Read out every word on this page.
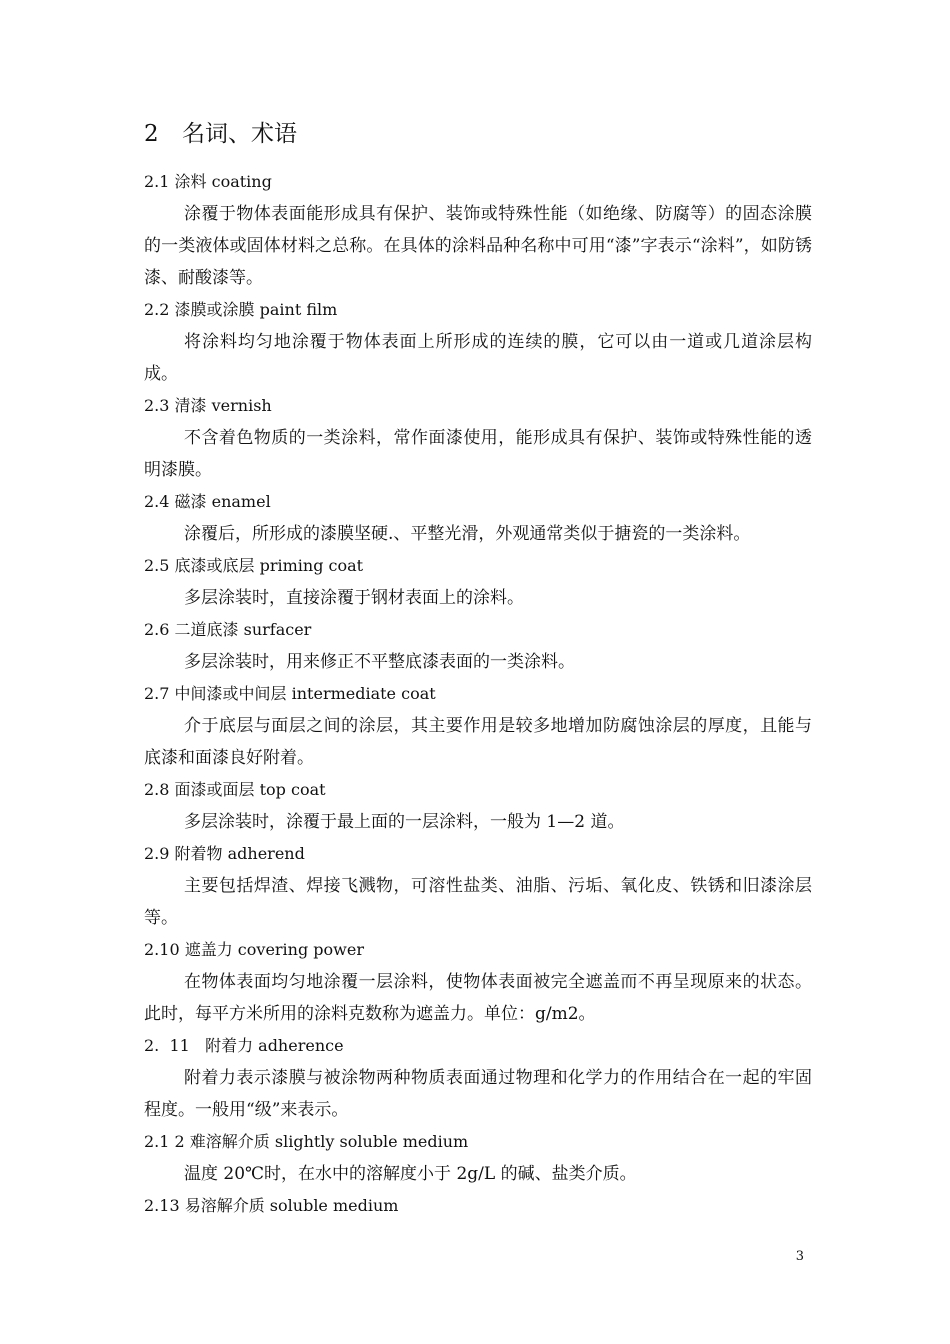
2 名词、术语
2.1 涂料 coating

涂覆于物体表面能形成具有保护、装饰或特殊性能（如绝缘、防腐等）的固态涂膜的一类液体或固体材料之总称。在具体的涂料品种名称中可用“漆”字表示“涂料”，如防锈漆、耐酸漆等。

2.2 漆膜或涂膜 paint film

将涂料均匀地涂覆于物体表面上所形成的连续的膜，它可以由一道或几道涂层构成。

2.3 清漆 vernish

不含着色物质的一类涂料，常作面漆使用，能形成具有保护、装饰或特殊性能的透明漆膜。

2.4 磁漆 enamel

涂覆后，所形成的漆膜坚硬.、平整光滑，外观通常类似于搪瓷的一类涂料。

2.5 底漆或底层 priming coat

多层涂装时，直接涂覆于钢材表面上的涂料。

2.6 二道底漆 surfacer

多层涂装时，用来修正不平整底漆表面的一类涂料。

2.7 中间漆或中间层 intermediate coat

介于底层与面层之间的涂层，其主要作用是较多地增加防腐蚀涂层的厚度，且能与底漆和面漆良好附着。

2.8 面漆或面层 top coat

多层涂装时，涂覆于最上面的一层涂料，一般为 1—2 道。

2.9 附着物 adherend

主要包括焊渣、焊接飞溅物，可溶性盐类、油脂、污垢、氧化皮、铁锈和旧漆涂层等。

2.10 遮盖力 covering power

在物体表面均匀地涂覆一层涂料，使物体表面被完全遮盖而不再呈现原来的状态。此时，每平方米所用的涂料克数称为遮盖力。单位：g/m2。

2.  11   附着力 adherence

附着力表示漆膜与被涂物两种物质表面通过物理和化学力的作用结合在一起的牢固程度。一般用“级”来表示。

2.1 2 难溶解介质 slightly soluble medium

温度 20℃时，在水中的溶解度小于 2g/L 的碱、盐类介质。

2.13 易溶解介质 soluble medium
3
